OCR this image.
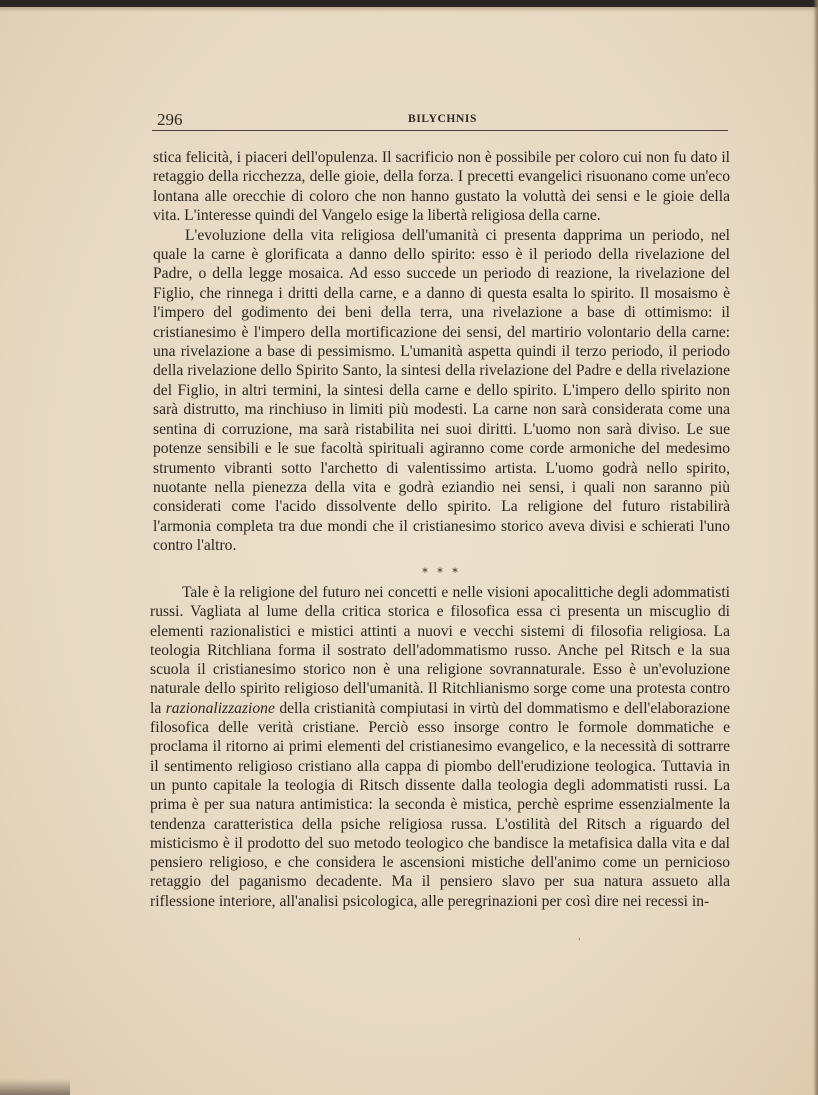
296	BILYCHNIS

stica felicità, i piaceri dell'opulenza. Il sacrificio non è possibile per coloro cui non fu dato il retaggio della ricchezza, delle gioie, della forza. I precetti evangelici risuonano come un'eco lontana alle orecchie di coloro che non hanno gustato la voluttà dei sensi e le gioie della vita. L'interesse quindi del Vangelo esige la libertà religiosa della carne.

L'evoluzione della vita religiosa dell'umanità ci presenta dapprima un periodo, nel quale la carne è glorificata a danno dello spirito: esso è il periodo della rivelazione del Padre, o della legge mosaica. Ad esso succede un periodo di reazione, la rivelazione del Figlio, che rinnega i dritti della carne, e a danno di questa esalta lo spirito. Il mosaismo è l'impero del godimento dei beni della terra, una rivelazione a base di ottimismo: il cristianesimo è l'impero della mortificazione dei sensi, del martirio volontario della carne: una rivelazione a base di pessimismo. L'umanità aspetta quindi il terzo periodo, il periodo della rivelazione dello Spirito Santo, la sintesi della rivelazione del Padre e della rivelazione del Figlio, in altri termini, la sintesi della carne e dello spirito. L'impero dello spirito non sarà distrutto, ma rinchiuso in limiti più modesti. La carne non sarà considerata come una sentina di corruzione, ma sarà ristabilita nei suoi diritti. L'uomo non sarà diviso. Le sue potenze sensibili e le sue facoltà spirituali agiranno come corde armoniche del medesimo strumento vibranti sotto l'archetto di valentissimo artista. L'uomo godrà nello spirito, nuotante nella pienezza della vita e godrà eziandio nei sensi, i quali non saranno più considerati come l'acido dissolvente dello spirito. La religione del futuro ristabilirà l'armonia completa tra due mondi che il cristianesimo storico aveva divisi e schierati l'uno contro l'altro.

* * *

Tale è la religione del futuro nei concetti e nelle visioni apocalittiche degli adommatisti russi. Vagliata al lume della critica storica e filosofica essa ci presenta un miscuglio di elementi razionalistici e mistici attinti a nuovi e vecchi sistemi di filosofia religiosa. La teologia Ritchliana forma il sostrato dell'adommatismo russo. Anche pel Ritsch e la sua scuola il cristianesimo storico non è una religione sovrannaturale. Esso è un'evoluzione naturale dello spirito religioso dell'umanità. Il Ritchlianismo sorge come una protesta contro la razionalizzazione della cristianità compiutasi in virtù del dommatismo e dell'elaborazione filosofica delle verità cristiane. Perciò esso insorge contro le formole dommatiche e proclama il ritorno ai primi elementi del cristianesimo evangelico, e la necessità di sottrarre il sentimento religioso cristiano alla cappa di piombo dell'erudizione teologica. Tuttavia in un punto capitale la teologia di Ritsch dissente dalla teologia degli adommatisti russi. La prima è per sua natura antimistica: la seconda è mistica, perchè esprime essenzialmente la tendenza caratteristica della psiche religiosa russa. L'ostilità del Ritsch a riguardo del misticismo è il prodotto del suo metodo teologico che bandisce la metafisica dalla vita e dal pensiero religioso, e che considera le ascensioni mistiche dell'animo come un pernicioso retaggio del paganismo decadente. Ma il pensiero slavo per sua natura assueto alla riflessione interiore, all'analisi psicologica, alle peregrinazioni per così dire nei recessi in-

,
